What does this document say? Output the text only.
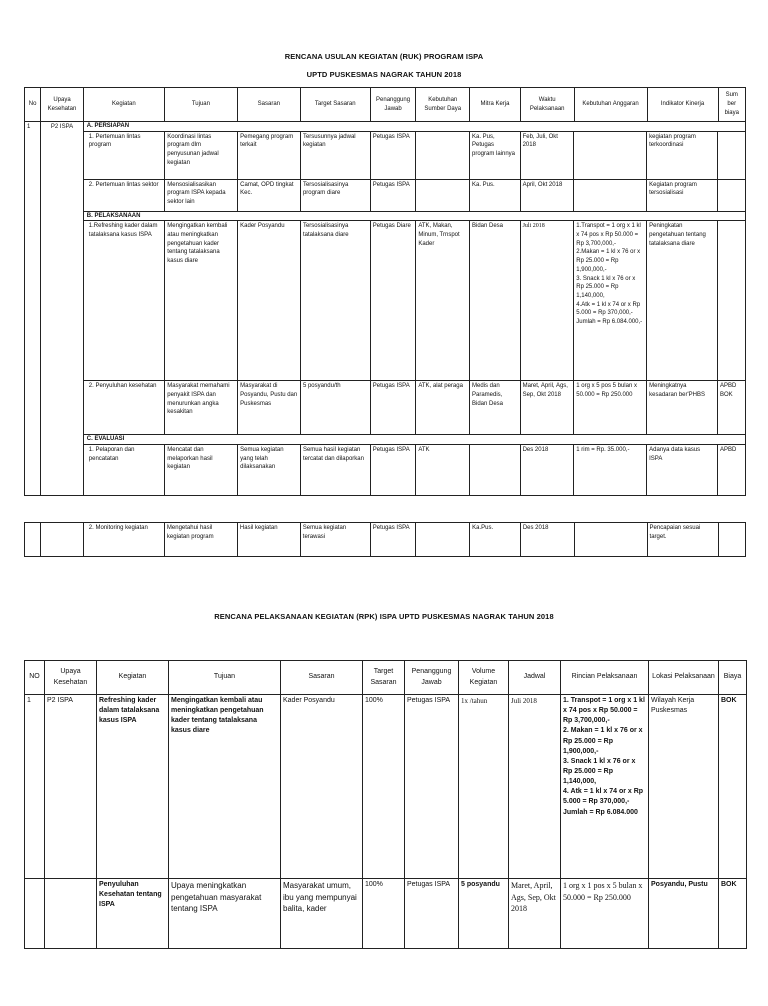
RENCANA USULAN KEGIATAN (RUK) PROGRAM ISPA
UPTD PUSKESMAS NAGRAK TAHUN 2018
No	Upaya Kesehatan	Kegiatan	Tujuan	Sasaran	Target Sasaran	Penanggung Jawab	Kebutuhan Sumber Daya	Mitra Kerja	Waktu Pelaksanaan	Kebutuhan Anggaran	Indikator Kinerja	Sum ber biaya
1	P2 ISPA	A. PERSIAPAN
1. Pertemuan lintas program	Koordinasi lintas program dlm penyusunan jadwal kegiatan	Pemegang program terkait	Tersusunnya jadwal kegiatan	Petugas ISPA		Ka. Pus, Petugas program lainnya	Feb, Juli, Okt 2018		kegiatan program terkoordinasi	
2. Pertemuan lintas sektor	Mensosialisasikan program ISPA kepada sektor lain	Camat, OPD tingkat Kec.	Tersosialisasinya program diare	Petugas ISPA		Ka. Pus.	April, Okt 2018		Kegiatan program tersosialisasi	
B. PELAKSANAAN
1.Refreshing kader dalam tatalaksana kasus ISPA	Mengingatkan kembali atau meningkatkan pengetahuan kader tentang tatalaksana kasus diare	Kader Posyandu	Tersosialisasinya tatalaksana diare	Petugas Diare	ATK, Makan, Minum, Trnspot Kader	Bidan Desa	Juli 2018	1.Transpot = 1 org x 1 kl x 74 pos x Rp 50.000 = Rp 3,700,000,-
2.Makan = 1 kl x 76 or x Rp 25.000 = Rp 1,900,000,-
3. Snack 1 kl x 76 or x Rp 25.000 = Rp 1,140,000,
4.Atk = 1 kl x 74 or x Rp 5.000 = Rp 370,000,-
Jumlah = Rp 6.084.000,-
	Peningkatan pengetahuan tentang tatalaksana diare	
2. Penyuluhan kesehatan	Masyarakat memahami penyakit ISPA dan menurunkan angka kesakitan	Masyarakat di Posyandu, Pustu dan Puskesmas	5 posyandu/th	Petugas ISPA	ATK, alat peraga	Medis dan Paramedis, Bidan Desa	Maret, April, Ags, Sep, Okt 2018	1 org x 5 pos 5 bulan x 50.000 = Rp 250.000	Meningkatnya kesadaran ber'PHBS	APBD BOK
C. EVALUASI
1. Pelaporan dan pencatatan	Mencatat dan melaporkan hasil kegiatan	Semua kegiatan yang telah dilaksanakan	Semua hasil kegiatan tercatat dan dilaporkan	Petugas ISPA	ATK		Des 2018	1 rim = Rp. 35.000,-	Adanya data kasus ISPA	APBD
		2. Monitoring kegiatan	Mengetahui hasil kegiatan program	Hasil kegiatan	Semua kegiatan terawasi	Petugas ISPA		Ka.Pus.	Des 2018		Pencapaian sesuai target.	
RENCANA PELAKSANAAN KEGIATAN (RPK) ISPA UPTD PUSKESMAS NAGRAK TAHUN 2018
NO	Upaya Kesehatan	Kegiatan	Tujuan	Sasaran	Target Sasaran	Penanggung Jawab	Volume Kegiatan	Jadwal	Rincian Pelaksanaan	Lokasi Pelaksanaan	Biaya
1	P2 ISPA	Refreshing kader dalam tatalaksana kasus ISPA	Mengingatkan kembali atau meningkatkan pengetahuan kader tentang tatalaksana kasus diare	Kader Posyandu	100%	Petugas ISPA	1x /tahun	Juli 2018	1. Transpot = 1 org x 1 kl x 74 pos x Rp 50.000 = Rp 3,700,000,-
2. Makan = 1 kl x 76 or x Rp 25.000 = Rp 1,900,000,-
3. Snack 1 kl x 76 or x Rp 25.000 = Rp 1,140,000,
4. Atk = 1 kl x 74 or x Rp 5.000 = Rp 370,000,-
Jumlah = Rp 6.084.000	Wilayah Kerja Puskesmas	BOK
		Penyuluhan Kesehatan tentang ISPA	Upaya meningkatkan pengetahuan masyarakat tentang ISPA	Masyarakat umum, ibu yang mempunyai balita, kader	100%	Petugas ISPA	5 posyandu	Maret, April, Ags, Sep, Okt 2018	1 org x 1 pos x 5 bulan x 50.000 = Rp 250.000	Posyandu, Pustu	BOK
